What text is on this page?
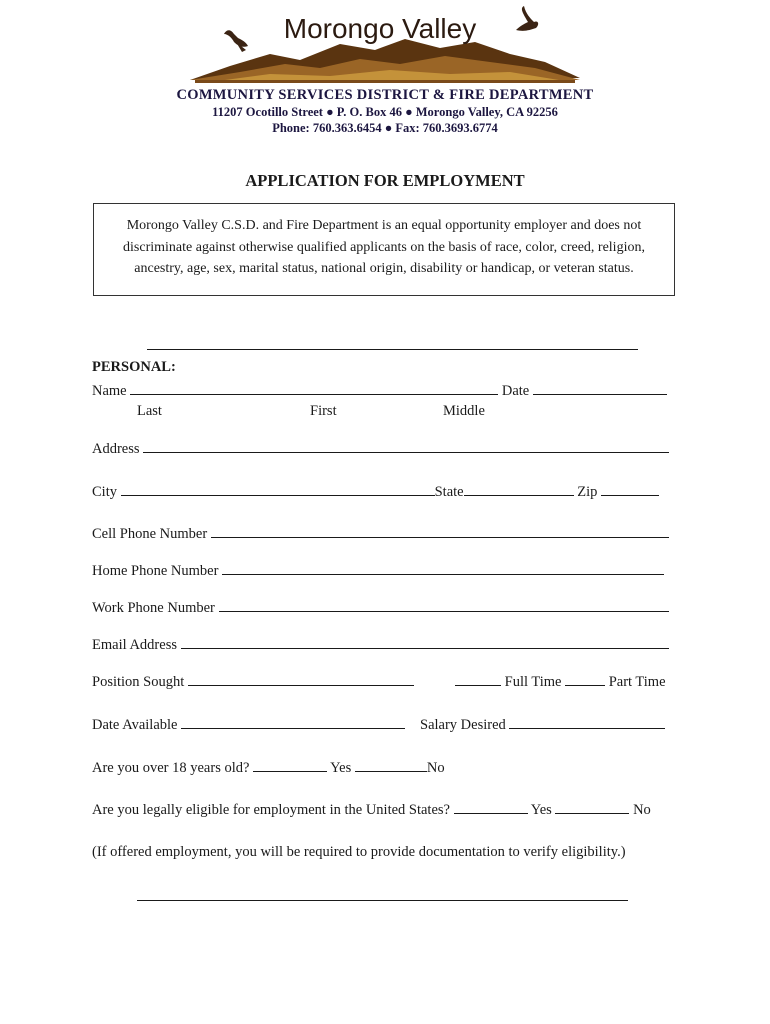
Morongo Valley
COMMUNITY SERVICES DISTRICT & FIRE DEPARTMENT
11207 Ocotillo Street ● P. O. Box 46 ● Morongo Valley, CA 92256
Phone: 760.363.6454 ● Fax: 760.3693.6774
APPLICATION FOR EMPLOYMENT
Morongo Valley C.S.D. and Fire Department is an equal opportunity employer and does not discriminate against otherwise qualified applicants on the basis of race, color, creed, religion, ancestry, age, sex, marital status, national origin, disability or handicap, or veteran status.
PERSONAL:
Name	Date
Last	First	Middle
Address
City	State	Zip
Cell Phone Number
Home Phone Number
Work Phone Number
Email Address
Position Sought	Full Time	Part Time
Date Available	Salary Desired
Are you over 18 years old?	Yes	No
Are you legally eligible for employment in the United States?	Yes	No
(If offered employment, you will be required to provide documentation to verify eligibility.)
